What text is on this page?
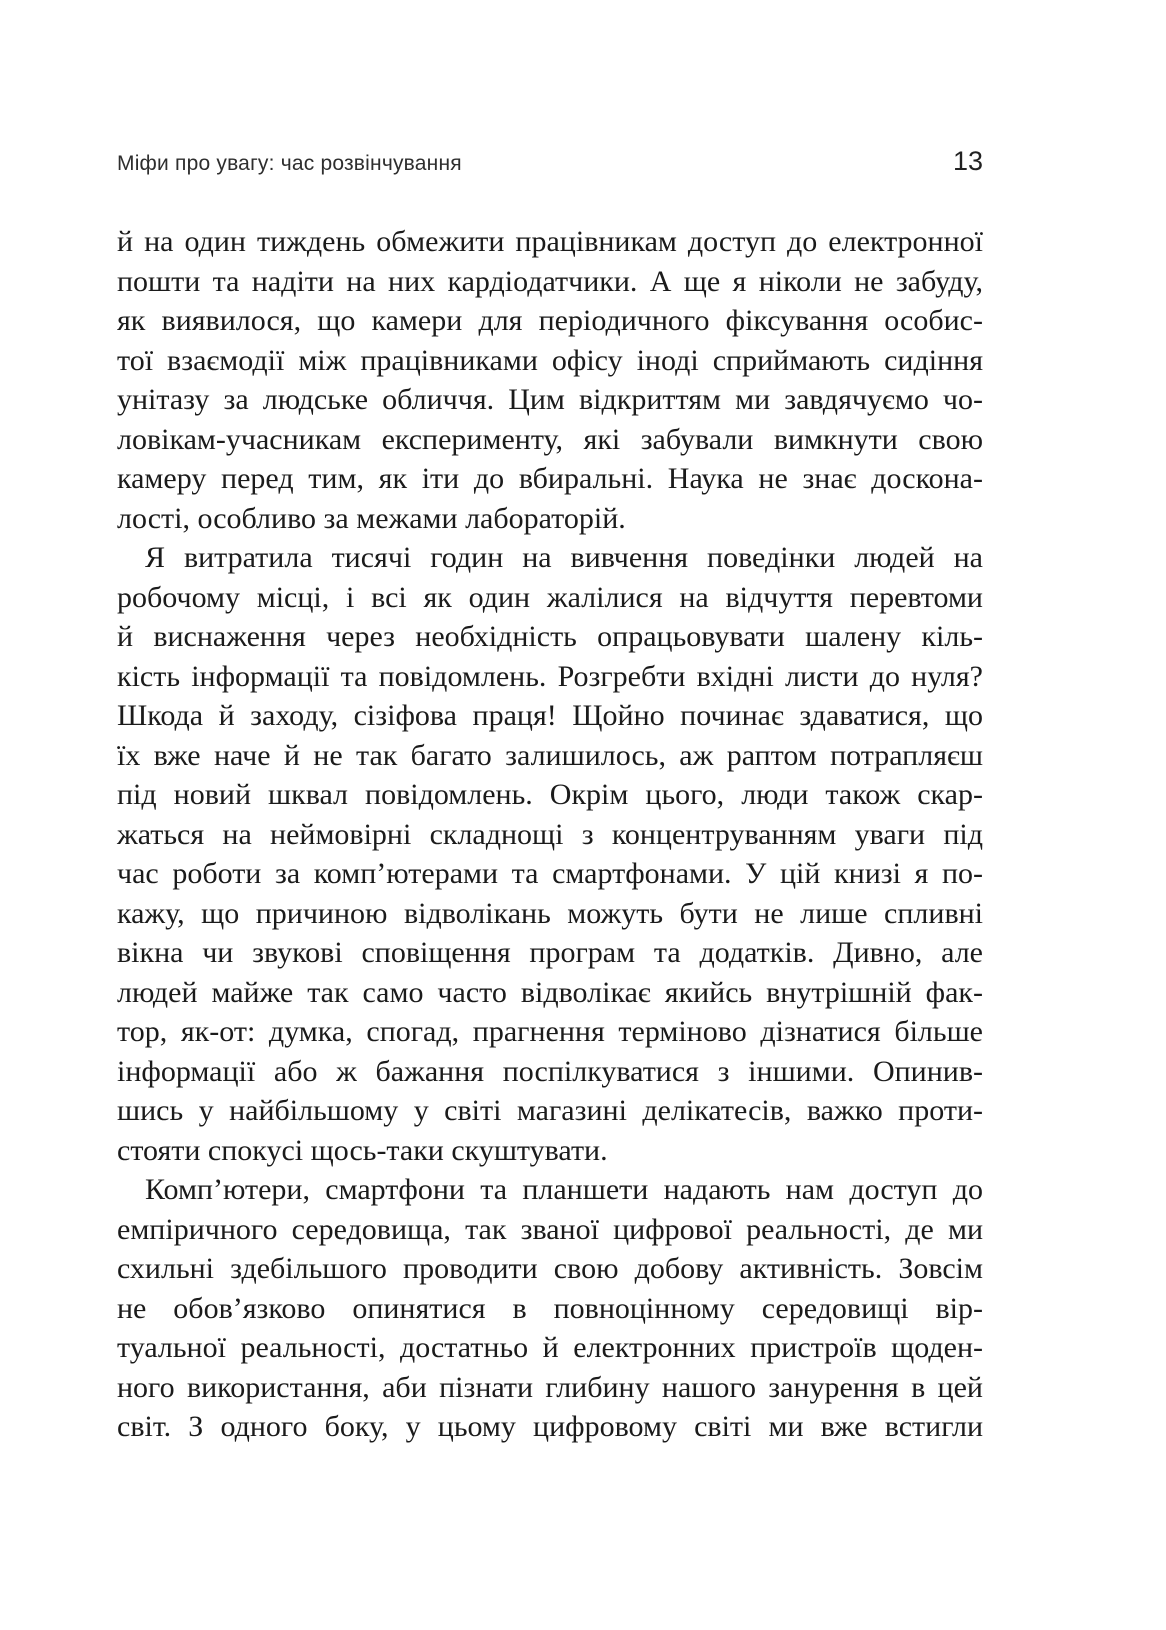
Міфи про увагу: час розвінчування	13
й на один тиждень обмежити працівникам доступ до електронної
пошти та надіти на них кардіодатчики. А ще я ніколи не забуду,
як виявилося, що камери для періодичного фіксування особис-
тої взаємодії між працівниками офісу іноді сприймають сидіння
унітазу за людське обличчя. Цим відкриттям ми завдячуємо чо-
ловікам-учасникам експерименту, які забували вимкнути свою
камеру перед тим, як іти до вбиральні. Наука не знає доскона-
лості, особливо за межами лабораторій.
Я витратила тисячі годин на вивчення поведінки людей на
робочому місці, і всі як один жалілися на відчуття перевтоми
й виснаження через необхідність опрацьовувати шалену кіль-
кість інформації та повідомлень. Розгребти вхідні листи до нуля?
Шкода й заходу, сізіфова праця! Щойно починає здаватися, що
їх вже наче й не так багато залишилось, аж раптом потрапляєш
під новий шквал повідомлень. Окрім цього, люди також скар-
жаться на неймовірні складнощі з концентруванням уваги під
час роботи за комп’ютерами та смартфонами. У цій книзі я по-
кажу, що причиною відволікань можуть бути не лише спливні
вікна чи звукові сповіщення програм та додатків. Дивно, але
людей майже так само часто відволікає якийсь внутрішній фак-
тор, як-от: думка, спогад, прагнення терміново дізнатися більше
інформації або ж бажання поспілкуватися з іншими. Опинив-
шись у найбільшому у світі магазині делікатесів, важко проти-
стояти спокусі щось-таки скуштувати.
Комп’ютери, смартфони та планшети надають нам доступ до
емпіричного середовища, так званої цифрової реальності, де ми
схильні здебільшого проводити свою добову активність. Зовсім
не обов’язково опинятися в повноцінному середовищі вір-
туальної реальності, достатньо й електронних пристроїв щоден-
ного використання, аби пізнати глибину нашого занурення в цей
світ. З одного боку, у цьому цифровому світі ми вже встигли
